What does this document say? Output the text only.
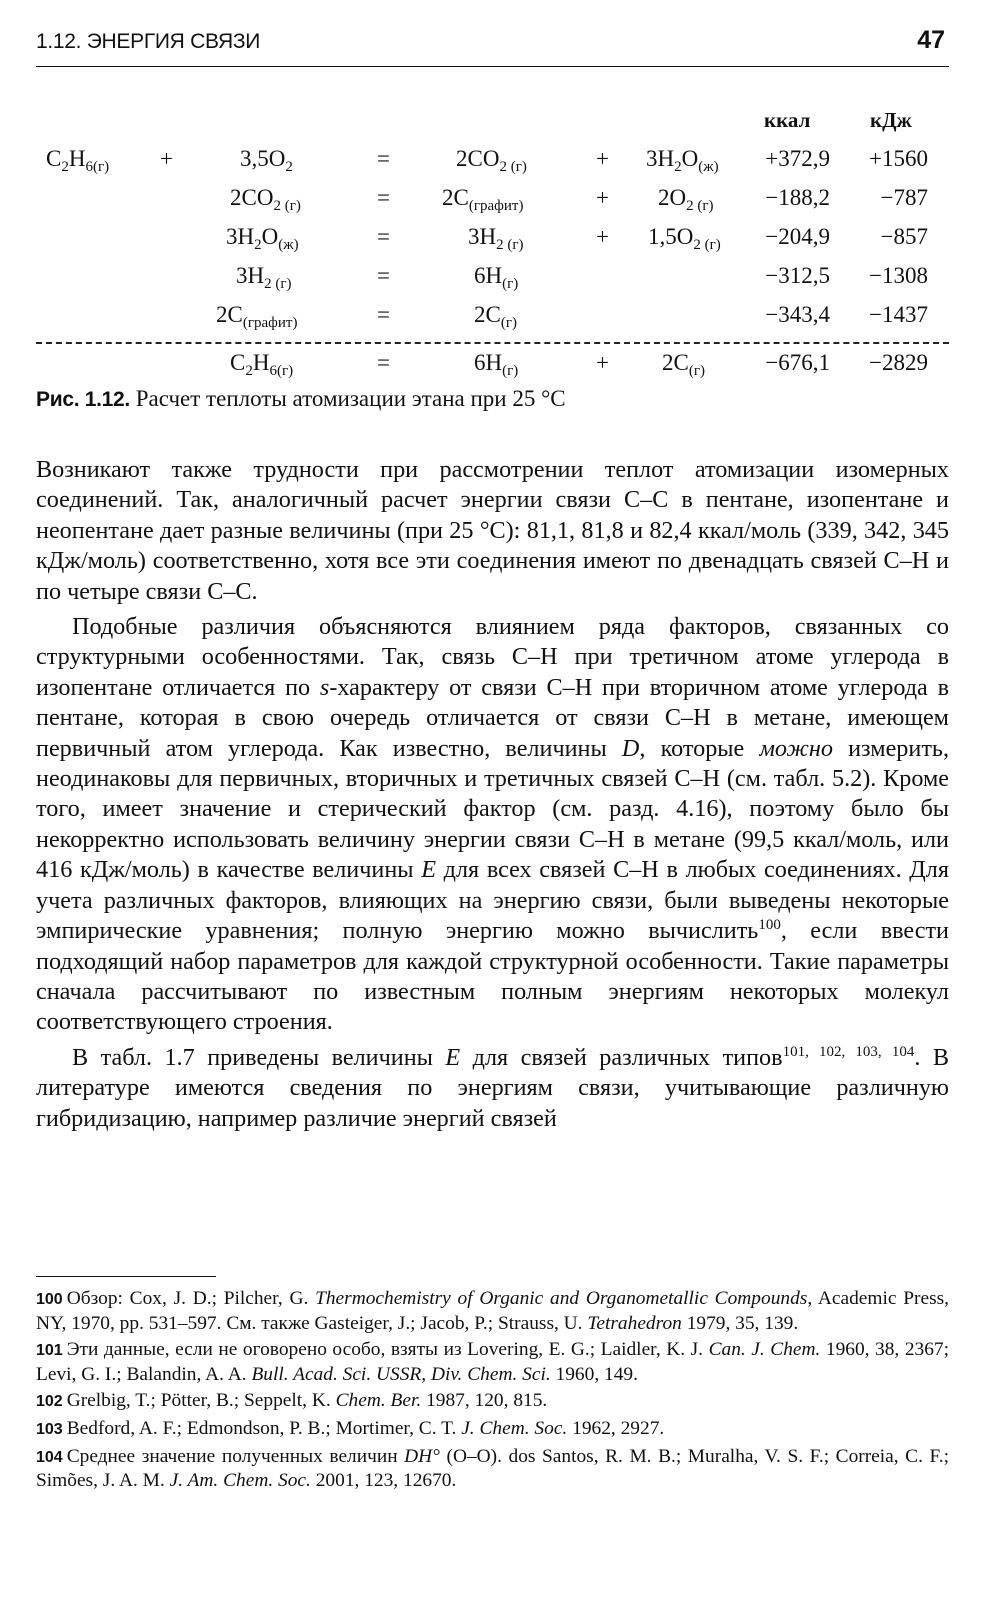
1.12. ЭНЕРГИЯ СВЯЗИ	47
ккал	кДж
$C_2H_{6(г)}$ +	$3,5O_2$	=	$2CO_{2 (г)}$	+ $3H_2O_{(ж)}$	+372,9	+1560
$2CO_{2 (г)}$	= $2C_{(графит)}$	+ $2O_{2 (г)}$	−188,2	−787
$3H_2O_{(ж)}$	=	$3H_{2 (г)}$	+ $1,5O_{2 (г)}$	−204,9	−857
$3H_{2 (г)}$	=	$6H_{(г)}$	−312,5	−1308
$2C_{(графит)}$	=	$2C_{(г)}$	−343,4	−1437
$C_2H_{6(г)}$	=	$6H_{(г)}$	+ $2C_{(г)}$	−676,1	−2829
Рис. 1.12. Расчет теплоты атомизации этана при 25 °С

Возникают также трудности при рассмотрении теплот атомизации изомерных соединений. Так, аналогичный расчет энергии связи С–С в пентане, изопентане и неопентане дает разные величины (при 25 °С): 81,1, 81,8 и 82,4 ккал/моль (339, 342, 345 кДж/моль) соответственно, хотя все эти соединения имеют по двенадцать связей С–Н и по четыре связи С–С.

Подобные различия объясняются влиянием ряда факторов, связанных со структурными особенностями. Так, связь С–Н при третичном атоме углерода в изопентане отличается по s-характеру от связи С–Н при вторичном атоме углерода в пентане, которая в свою очередь отличается от связи С–Н в метане, имеющем первичный атом углерода. Как известно, величины D, которые можно измерить, неодинаковы для первичных, вторичных и третичных связей С–Н (см. табл. 5.2). Кроме того, имеет значение и стерический фактор (см. разд. 4.16), поэтому было бы некорректно использовать величину энергии связи С–Н в метане (99,5 ккал/моль, или 416 кДж/моль) в качестве величины E для всех связей С–Н в любых соединениях. Для учета различных факторов, влияющих на энергию связи, были выведены некоторые эмпирические уравнения; полную энергию можно вычислить$^{100}$, если ввести подходящий набор параметров для каждой структурной особенности. Такие параметры сначала рассчитывают по известным полным энергиям некоторых молекул соответствующего строения.

В табл. 1.7 приведены величины E для связей различных типов$^{101, 102, 103, 104}$. В литературе имеются сведения по энергиям связи, учитывающие различную гибридизацию, например различие энергий связей

100 Обзор: Cox, J. D.; Pilcher, G. Thermochemistry of Organic and Organometallic Compounds, Academic Press, NY, 1970, pp. 531–597. См. также Gasteiger, J.; Jacob, P.; Strauss, U. Tetrahedron 1979, 35, 139.

101 Эти данные, если не оговорено особо, взяты из Lovering, E. G.; Laidler, K. J. Can. J. Chem. 1960, 38, 2367; Levi, G. I.; Balandin, A. A. Bull. Acad. Sci. USSR, Div. Chem. Sci. 1960, 149.

102 Grelbig, T.; Pötter, B.; Seppelt, K. Chem. Ber. 1987, 120, 815.

103 Bedford, A. F.; Edmondson, P. B.; Mortimer, C. T. J. Chem. Soc. 1962, 2927.

104 Среднее значение полученных величин DH° (O–O). dos Santos, R. M. B.; Muralha, V. S. F.; Correia, C. F.; Simões, J. A. M. J. Am. Chem. Soc. 2001, 123, 12670.
